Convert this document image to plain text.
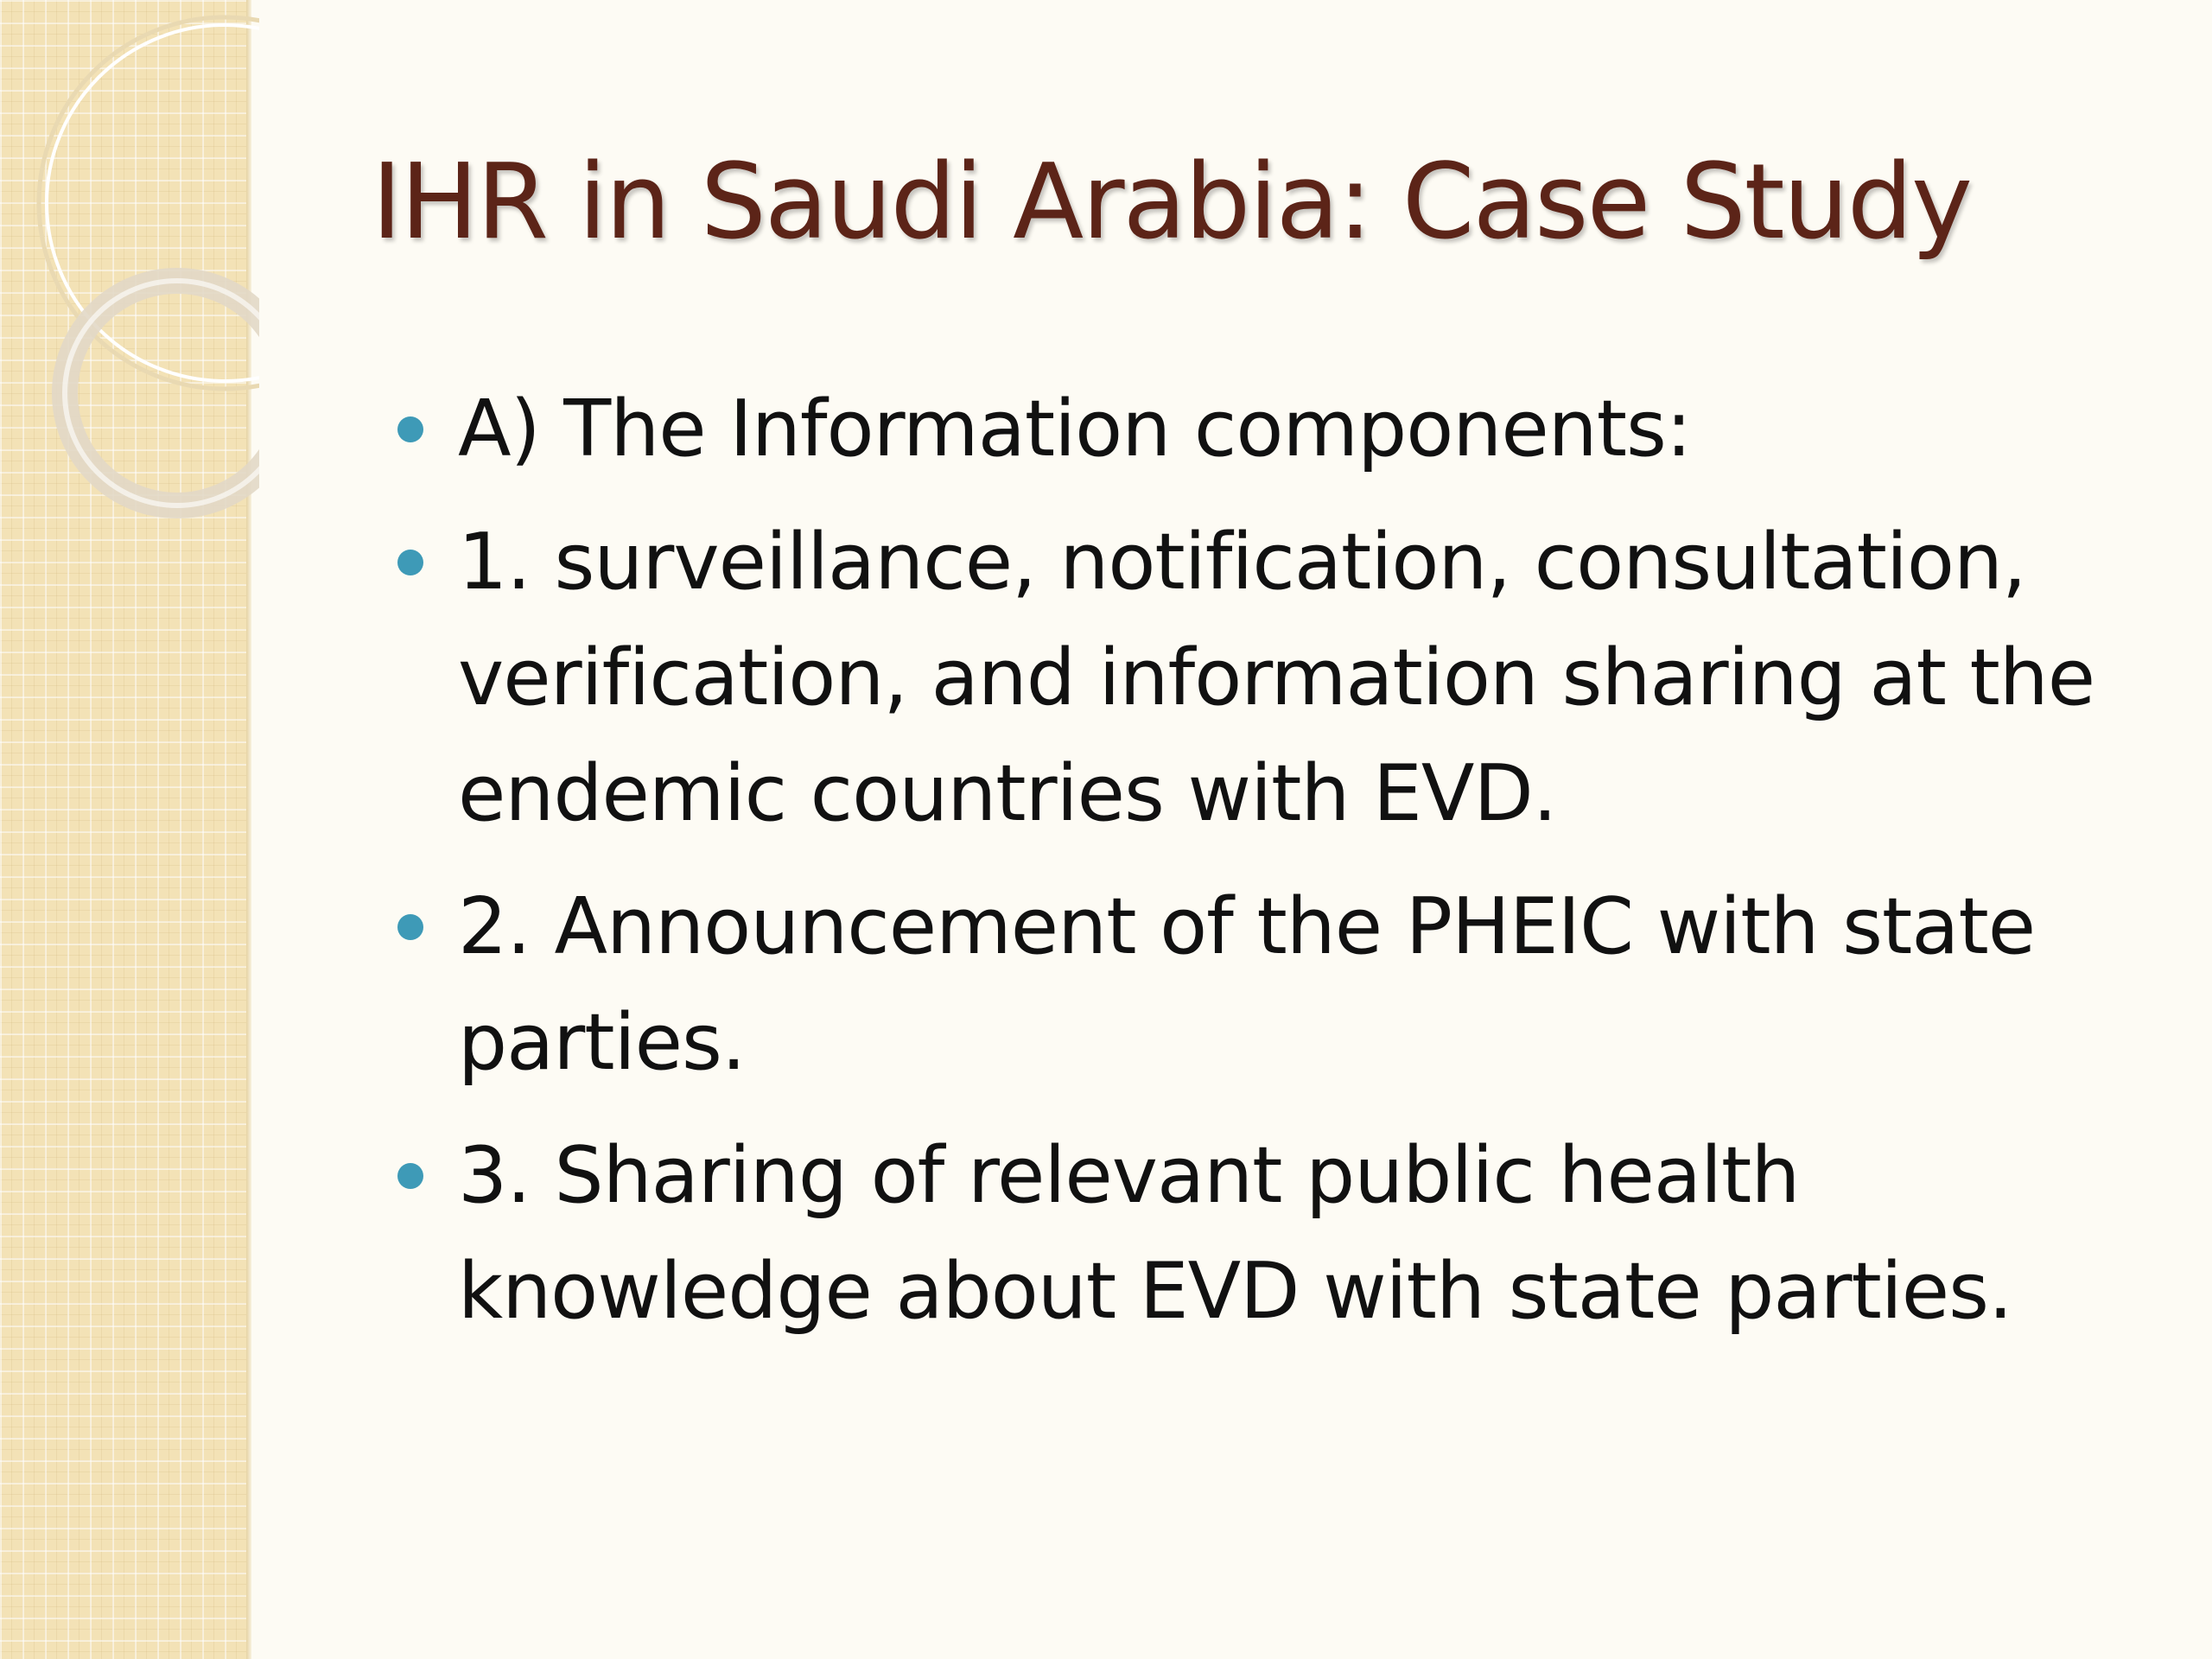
IHR in Saudi Arabia: Case Study
A) The Information components:
1. surveillance, notification, consultation, verification, and information sharing at the endemic countries with EVD.
2. Announcement of the PHEIC with state parties.
3. Sharing of relevant public health knowledge about EVD with state parties.
